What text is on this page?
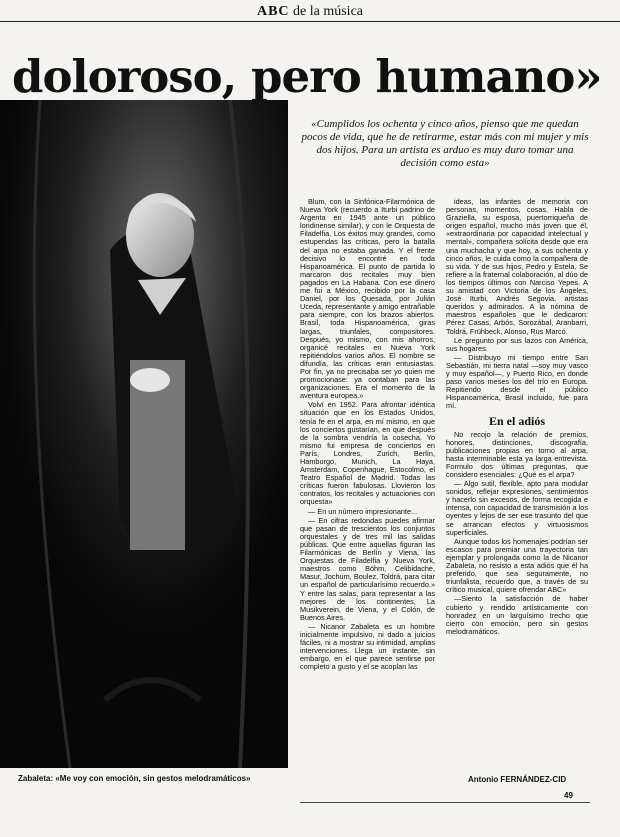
ABC de la música
doloroso, pero humano»
Zabaleta: «Me voy con emoción, sin gestos melodramáticos»
«Cumplidos los ochenta y cinco años, pienso que me quedan pocos de vida, que he de retirarme, estar más con mi mujer y mis dos hijos. Para un artista es arduo es muy duro tomar una decisión como esta»

Blum, con la Sinfónica-Filarmónica de Nueva York (recuerdo a Iturbi padrino de Argenta en 1945 ante un público londinense similar), y con le Orquesta de Filadelfia. Los éxitos muy grandes, como estupendas las críticas, pero la batalla del arpa no estaba ganada. Y el frente decisivo lo encontré en toda Hispanoamérica. El punto de partida lo marcaron dos recitales muy bien pagados en La Habana. Con ese dinero me fui a México, recibido por la casa Daniel, por los Quesada, por Julián Uceda, representante y amigo entrañable para siempre, con los brazos abiertos. Brasil, toda Hispanoamérica, giras largas, triunfales, compositores. Después, yo mismo, con mis ahorros, organicé recitales en Nueva York repitiéndolos varios años. El nombre se difundía, las críticas eran entusiastas. Por fin, ya no precisaba ser yo quien me promocionase: ya contaban para las organizaciones. Era el momento de la aventura europea.»

Volví en 1952. Para afrontar idéntica situación que en los Estados Unidos, tenía fe en el arpa, en mí mismo, en que los conciertos gustarían, en que después de la sombra vendría la cosecha. Yo mismo fui empresa de conciertos en París, Londres, Zurich, Berlín, Hamburgo, Munich, La Haya, Amsterdam, Copenhague, Estocolmo, el Teatro Español de Madrid. Todas las críticas fueron fabulosas. Llovieron los contratos, los recitales y actuaciones con orquesta»

— En un número impresionante...

— En cifras redondas puedes afirmar que pasan de trescientos los conjuntos orquestales y de tres mil las salidas públicas. Que entre aquellas figuran las Filarmónicas de Berlín y Viena, las Orquestas de Filadelfia y Nueva York, maestros como Böhm, Celibidache, Masur, Jochum, Boulez, Toldrá, para citar un español de particularísimo recuerdo.» Y entre las salas, para representar a las mejores de los continentes, La Musikverein, de Viena, y el Colón, de Buenos Aires.

— Nicanor Zabaleta es un hombre inicialmente impulsivo, ni dado a juicios fáciles, ni a mostrar su intimidad, amplias intervenciones. Llega un instante, sin embargo, en el que parece sentirse por completo a gusto y el se acoplan las

ideas, las infantes de memoria con personas, momentos, cosas. Habla de Graziella, su esposa, puertorriqueña de origen español, mucho más joven que él, «extraordinaria por capacidad intelectual y mental», compañera solícita desde que era una muchacha y que hoy, a sus ochenta y cinco años, le cuida como la compañera de su vida. Y de sus hijos, Pedro y Estela. Se refiere a la fraternal colaboración, al dúo de los tiempos últimos con Narciso Yepes. A su amistad con Victoria de los Ángeles, José Iturbi, Andrés Segovia, artistas queridos y admirados. A la nómina de maestros españoles que le dedicaron: Pérez Casas, Arbós, Sorozábal, Aranbarri, Toldrá, Frühbeck, Alonso, Rus Marcó.

Le pregunto por sus lazos con América, sus hogares.

— Distribuyo mi tiempo entre San Sebastián, mi tierra natal —soy muy vasco y muy español—, y Puerto Rico, en donde paso varios meses los del trío en Europa. Repitiendo desde el público Hispanoamérica, Brasil incluido, fue para mí.

En el adiós

No recojo la relación de premios, honores, distinciones, discografía, publicaciones propias en torno al arpa, hasta interminable esta ya larga entrevista. Formulo dos últimas preguntas, que considero esenciales: ¿Qué es el arpa?

— Algo sutil, flexible, apto para modular sonidos, reflejar expresiones, sentimientos y hacerlo sin excesos, de forma recogida e intensa, con capacidad de transmisión a los oyentes y lejos de ser ese trasunto del que se arrancan efectos y virtuosismos superficiales.

Aunque todos los homenajes podrían ser escasos para premiar una trayectoria tan ejemplar y prolongada como la de Nicanor Zabaleta, no resisto a esta adiós que él ha preferido, que sea seguramente, no triunfalista, recuerdo que, a través de su crítico musical, quiere ofrendar ABC»

—Siento la satisfacción de haber cubierto y rendido artísticamente con honradez en un larguísimo trecho que cierro con emoción, pero sin gestos melodramáticos.

Antonio FERNÁNDEZ-CID
49
